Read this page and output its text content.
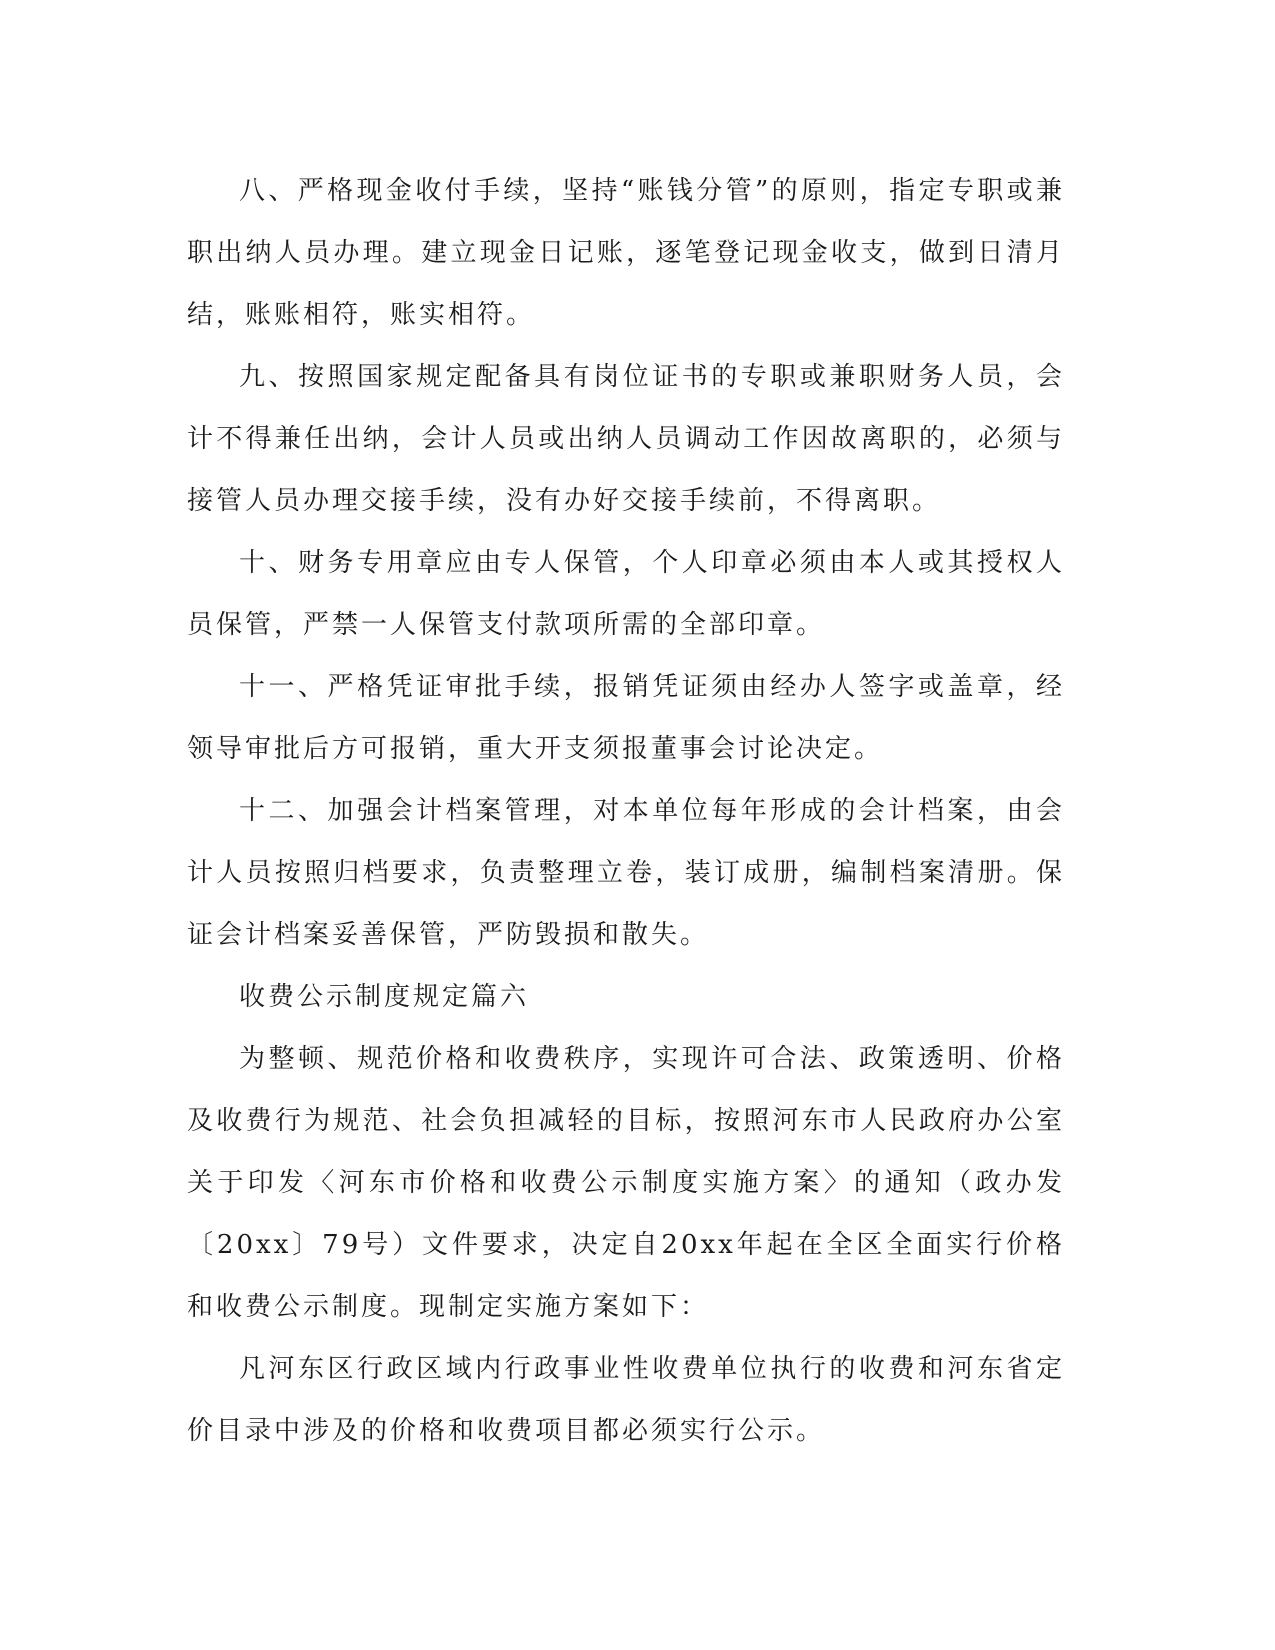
八、严格现金收付手续，坚持“账钱分管”的原则，指定专职或兼职出纳人员办理。建立现金日记账，逐笔登记现金收支，做到日清月结，账账相符，账实相符。

九、按照国家规定配备具有岗位证书的专职或兼职财务人员，会计不得兼任出纳，会计人员或出纳人员调动工作因故离职的，必须与接管人员办理交接手续，没有办好交接手续前，不得离职。

十、财务专用章应由专人保管，个人印章必须由本人或其授权人员保管，严禁一人保管支付款项所需的全部印章。

十一、严格凭证审批手续，报销凭证须由经办人签字或盖章，经领导审批后方可报销，重大开支须报董事会讨论决定。

十二、加强会计档案管理，对本单位每年形成的会计档案，由会计人员按照归档要求，负责整理立卷，装订成册，编制档案清册。保证会计档案妥善保管，严防毁损和散失。

收费公示制度规定篇六

为整顿、规范价格和收费秩序，实现许可合法、政策透明、价格及收费行为规范、社会负担减轻的目标，按照河东市人民政府办公室关于印发〈河东市价格和收费公示制度实施方案〉的通知（政办发〔20xx〕79号）文件要求，决定自20xx年起在全区全面实行价格和收费公示制度。现制定实施方案如下：

凡河东区行政区域内行政事业性收费单位执行的收费和河东省定价目录中涉及的价格和收费项目都必须实行公示。
